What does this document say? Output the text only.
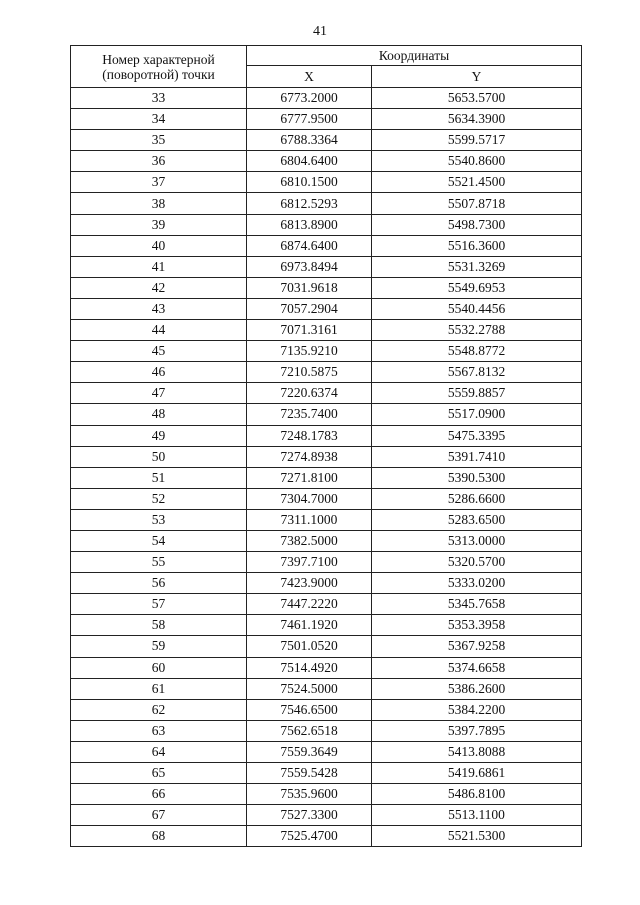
41
Номер характерной
(поворотной) точки	Координаты	
	X	Y
33	6773.2000	5653.5700
34	6777.9500	5634.3900
35	6788.3364	5599.5717
36	6804.6400	5540.8600
37	6810.1500	5521.4500
38	6812.5293	5507.8718
39	6813.8900	5498.7300
40	6874.6400	5516.3600
41	6973.8494	5531.3269
42	7031.9618	5549.6953
43	7057.2904	5540.4456
44	7071.3161	5532.2788
45	7135.9210	5548.8772
46	7210.5875	5567.8132
47	7220.6374	5559.8857
48	7235.7400	5517.0900
49	7248.1783	5475.3395
50	7274.8938	5391.7410
51	7271.8100	5390.5300
52	7304.7000	5286.6600
53	7311.1000	5283.6500
54	7382.5000	5313.0000
55	7397.7100	5320.5700
56	7423.9000	5333.0200
57	7447.2220	5345.7658
58	7461.1920	5353.3958
59	7501.0520	5367.9258
60	7514.4920	5374.6658
61	7524.5000	5386.2600
62	7546.6500	5384.2200
63	7562.6518	5397.7895
64	7559.3649	5413.8088
65	7559.5428	5419.6861
66	7535.9600	5486.8100
67	7527.3300	5513.1100
68	7525.4700	5521.5300
